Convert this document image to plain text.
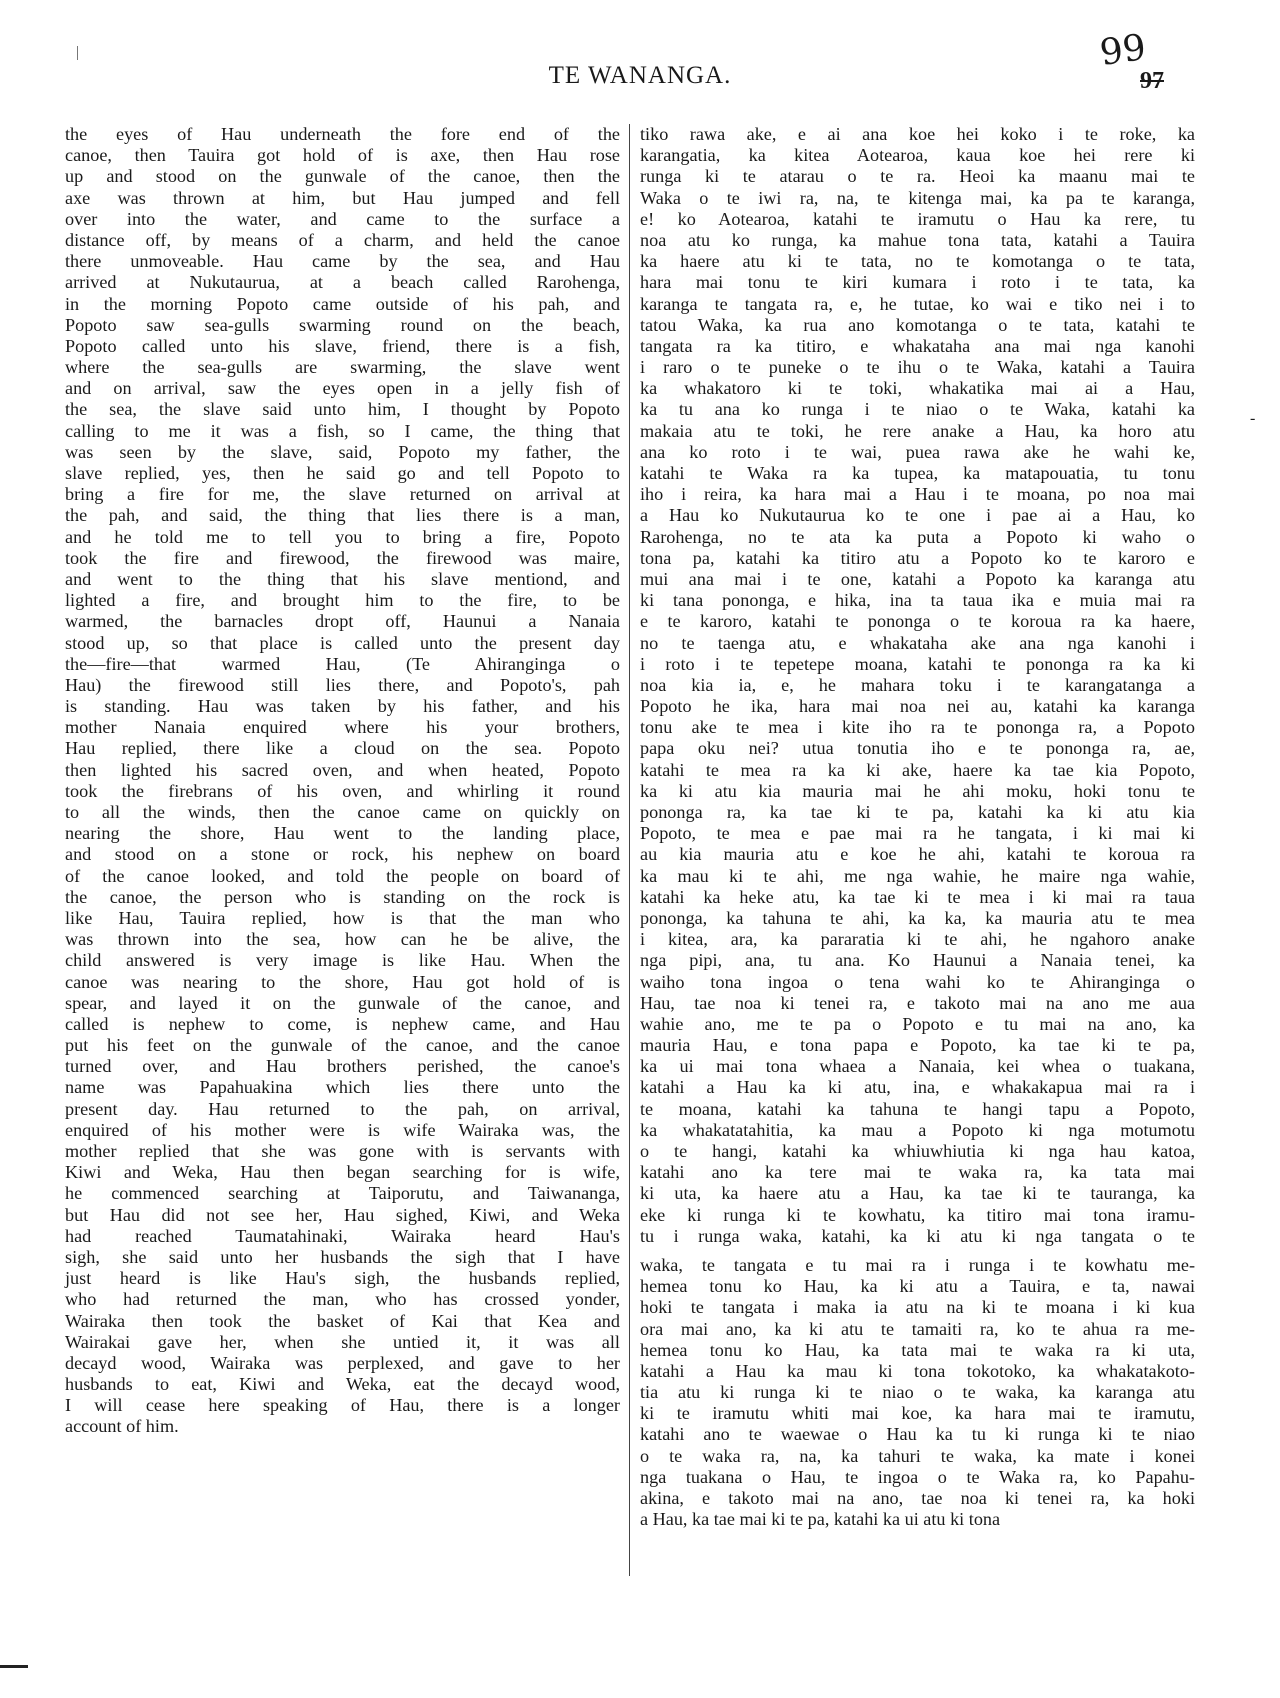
99
TE WANANGA.	97
the eyes of Hau underneath the fore end of the
canoe, then Tauira got hold of is axe, then Hau rose
up and stood on the gunwale of the canoe, then the
axe was thrown at him, but Hau jumped and fell
over into the water, and came to the surface a
distance off, by means of a charm, and held the canoe
there unmoveable. Hau came by the sea, and Hau
arrived at Nukutaurua, at a beach called Rarohenga,
in the morning Popoto came outside of his pah, and
Popoto saw sea-gulls swarming round on the beach,
Popoto called unto his slave, friend, there is a fish,
where the sea-gulls are swarming, the slave went
and on arrival, saw the eyes open in a jelly fish of
the sea, the slave said unto him, I thought by Popoto
calling to me it was a fish, so I came, the thing that
was seen by the slave, said, Popoto my father, the
slave replied, yes, then he said go and tell Popoto to
bring a fire for me, the slave returned on arrival at
the pah, and said, the thing that lies there is a man,
and he told me to tell you to bring a fire, Popoto
took the fire and firewood, the firewood was maire,
and went to the thing that his slave mentiond, and
lighted a fire, and brought him to the fire, to be
warmed, the barnacles dropt off, Haunui a Nanaia
stood up, so that place is called unto the present day
the—fire—that warmed Hau, (Te Ahiranginga o
Hau) the firewood still lies there, and Popoto's, pah
is standing. Hau was taken by his father, and his
mother Nanaia enquired where his your brothers,
Hau replied, there like a cloud on the sea. Popoto
then lighted his sacred oven, and when heated, Popoto
took the firebrans of his oven, and whirling it round
to all the winds, then the canoe came on quickly on
nearing the shore, Hau went to the landing place,
and stood on a stone or rock, his nephew on board
of the canoe looked, and told the people on board of
the canoe, the person who is standing on the rock is
like Hau, Tauira replied, how is that the man who
was thrown into the sea, how can he be alive, the
child answered is very image is like Hau. When the
canoe was nearing to the shore, Hau got hold of is
spear, and layed it on the gunwale of the canoe, and
called is nephew to come, is nephew came, and Hau
put his feet on the gunwale of the canoe, and the canoe
turned over, and Hau brothers perished, the canoe's
name was Papahuakina which lies there unto the
present day. Hau returned to the pah, on arrival,
enquired of his mother were is wife Wairaka was, the
mother replied that she was gone with is servants with
Kiwi and Weka, Hau then began searching for is wife,
he commenced searching at Taiporutu, and Taiwananga,
but Hau did not see her, Hau sighed, Kiwi, and Weka
had reached Taumatahinaki, Wairaka heard Hau's
sigh, she said unto her husbands the sigh that I have
just heard is like Hau's sigh, the husbands replied,
who had returned the man, who has crossed yonder,
Wairaka then took the basket of Kai that Kea and
Wairakai gave her, when she untied it, it was all
decayd wood, Wairaka was perplexed, and gave to her
husbands to eat, Kiwi and Weka, eat the decayd wood,
I will cease here speaking of Hau, there is a longer
account of him.
tiko rawa ake, e ai ana koe hei koko i te roke, ka
karangatia, ka kitea Aotearoa, kaua koe hei rere ki
runga ki te atarau o te ra. Heoi ka maanu mai te
Waka o te iwi ra, na, te kitenga mai, ka pa te karanga,
e! ko Aotearoa, katahi te iramutu o Hau ka rere, tu
noa atu ko runga, ka mahue tona tata, katahi a Tauira
ka haere atu ki te tata, no te komotanga o te tata,
hara mai tonu te kiri kumara i roto i te tata, ka
karanga te tangata ra, e, he tutae, ko wai e tiko nei i to
tatou Waka, ka rua ano komotanga o te tata, katahi te
tangata ra ka titiro, e whakataha ana mai nga kanohi
i raro o te puneke o te ihu o te Waka, katahi a Tauira
ka whakatoro ki te toki, whakatika mai ai a Hau,
ka tu ana ko runga i te niao o te Waka, katahi ka
makaia atu te toki, he rere anake a Hau, ka horo atu
ana ko roto i te wai, puea rawa ake he wahi ke,
katahi te Waka ra ka tupea, ka matapouatia, tu tonu
iho i reira, ka hara mai a Hau i te moana, po noa mai
a Hau ko Nukutaurua ko te one i pae ai a Hau, ko
Rarohenga, no te ata ka puta a Popoto ki waho o
tona pa, katahi ka titiro atu a Popoto ko te karoro e
mui ana mai i te one, katahi a Popoto ka karanga atu
ki tana pononga, e hika, ina ta taua ika e muia mai ra
e te karoro, katahi te pononga o te koroua ra ka haere,
no te taenga atu, e whakataha ake ana nga kanohi i
i roto i te tepetepe moana, katahi te pononga ra ka ki
noa kia ia, e, he mahara toku i te karangatanga a
Popoto he ika, hara mai noa nei au, katahi ka karanga
tonu ake te mea i kite iho ra te pononga ra, a Popoto
papa oku nei? utua tonutia iho e te pononga ra, ae,
katahi te mea ra ka ki ake, haere ka tae kia Popoto,
ka ki atu kia mauria mai he ahi moku, hoki tonu te
pononga ra, ka tae ki te pa, katahi ka ki atu kia
Popoto, te mea e pae mai ra he tangata, i ki mai ki
au kia mauria atu e koe he ahi, katahi te koroua ra
ka mau ki te ahi, me nga wahie, he maire nga wahie,
katahi ka heke atu, ka tae ki te mea i ki mai ra taua
pononga, ka tahuna te ahi, ka ka, ka mauria atu te mea
i kitea, ara, ka pararatia ki te ahi, he ngahoro anake
nga pipi, ana, tu ana. Ko Haunui a Nanaia tenei, ka
waiho tona ingoa o tena wahi ko te Ahiranginga o
Hau, tae noa ki tenei ra, e takoto mai na ano me aua
wahie ano, me te pa o Popoto e tu mai na ano, ka
mauria Hau, e tona papa e Popoto, ka tae ki te pa,
ka ui mai tona whaea a Nanaia, kei whea o tuakana,
katahi a Hau ka ki atu, ina, e whakakapua mai ra i
te moana, katahi ka tahuna te hangi tapu a Popoto,
ka whakatatahitia, ka mau a Popoto ki nga motumotu
o te hangi, katahi ka whiuwhiutia ki nga hau katoa,
katahi ano ka tere mai te waka ra, ka tata mai
ki uta, ka haere atu a Hau, ka tae ki te tauranga, ka
eke ki runga ki te kowhatu, ka titiro mai tona iramu-
tu i runga waka, katahi, ka ki atu ki nga tangata o te
waka, te tangata e tu mai ra i runga i te kowhatu me-
hemea tonu ko Hau, ka ki atu a Tauira, e ta, nawai
hoki te tangata i maka ia atu na ki te moana i ki kua
ora mai ano, ka ki atu te tamaiti ra, ko te ahua ra me-
hemea tonu ko Hau, ka tata mai te waka ra ki uta,
katahi a Hau ka mau ki tona tokotoko, ka whakatakoto-
tia atu ki runga ki te niao o te waka, ka karanga atu
ki te iramutu whiti mai koe, ka hara mai te iramutu,
katahi ano te waewae o Hau ka tu ki runga ki te niao
o te waka ra, na, ka tahuri te waka, ka mate i konei
nga tuakana o Hau, te ingoa o te Waka ra, ko Papahu-
akina, e takoto mai na ano, tae noa ki tenei ra, ka hoki
a Hau, ka tae mai ki te pa, katahi ka ui atu ki tona
‐
